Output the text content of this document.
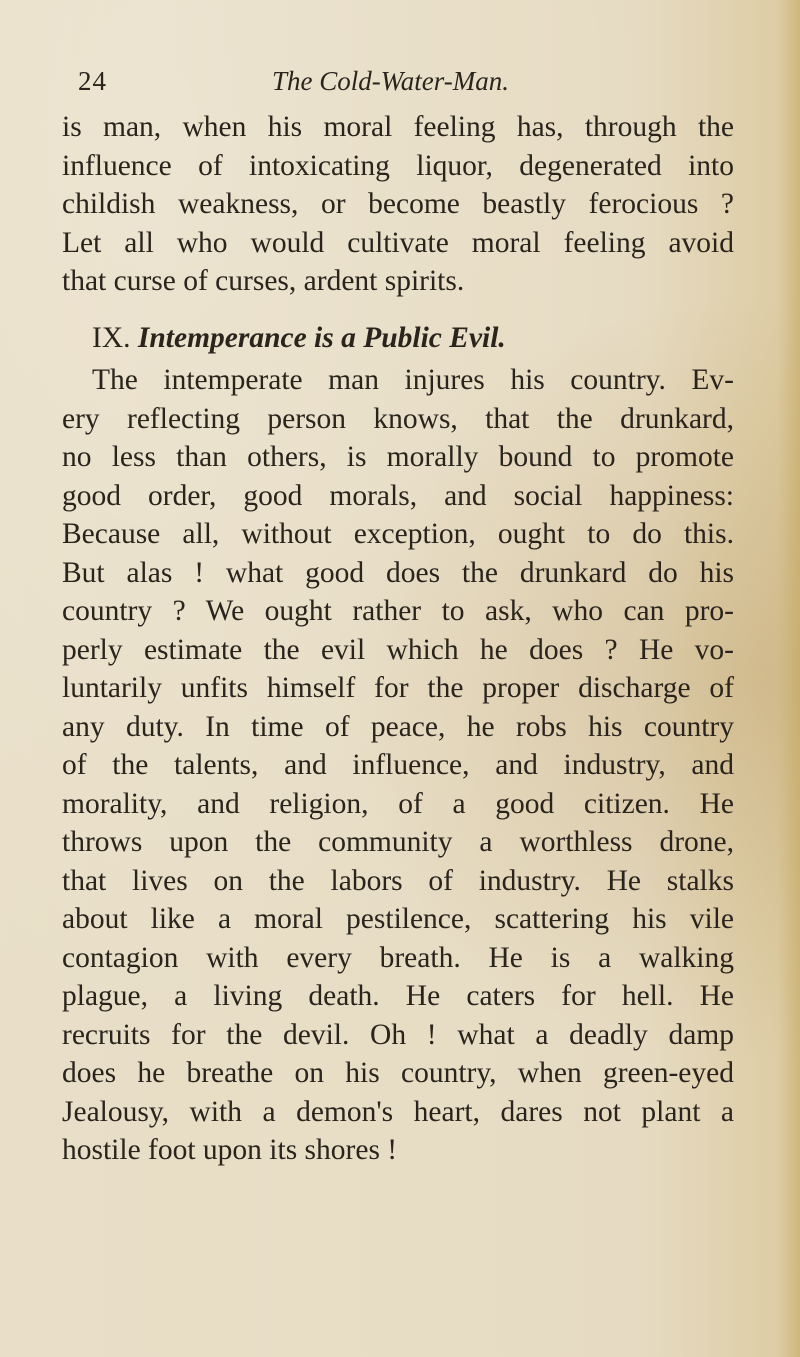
24	The Cold-Water-Man.
is man, when his moral feeling has, through the
influence of intoxicating liquor, degenerated into
childish weakness, or become beastly ferocious ?
Let all who would cultivate moral feeling avoid
that curse of curses, ardent spirits.
IX. Intemperance is a Public Evil.
The intemperate man injures his country. Ev-
ery reflecting person knows, that the drunkard,
no less than others, is morally bound to promote
good order, good morals, and social happiness:
Because all, without exception, ought to do this.
But alas ! what good does the drunkard do his
country ? We ought rather to ask, who can pro-
perly estimate the evil which he does ? He vo-
luntarily unfits himself for the proper discharge of
any duty. In time of peace, he robs his country
of the talents, and influence, and industry, and
morality, and religion, of a good citizen. He
throws upon the community a worthless drone,
that lives on the labors of industry. He stalks
about like a moral pestilence, scattering his vile
contagion with every breath. He is a walking
plague, a living death. He caters for hell. He
recruits for the devil. Oh ! what a deadly damp
does he breathe on his country, when green-eyed
Jealousy, with a demon's heart, dares not plant a
hostile foot upon its shores !
